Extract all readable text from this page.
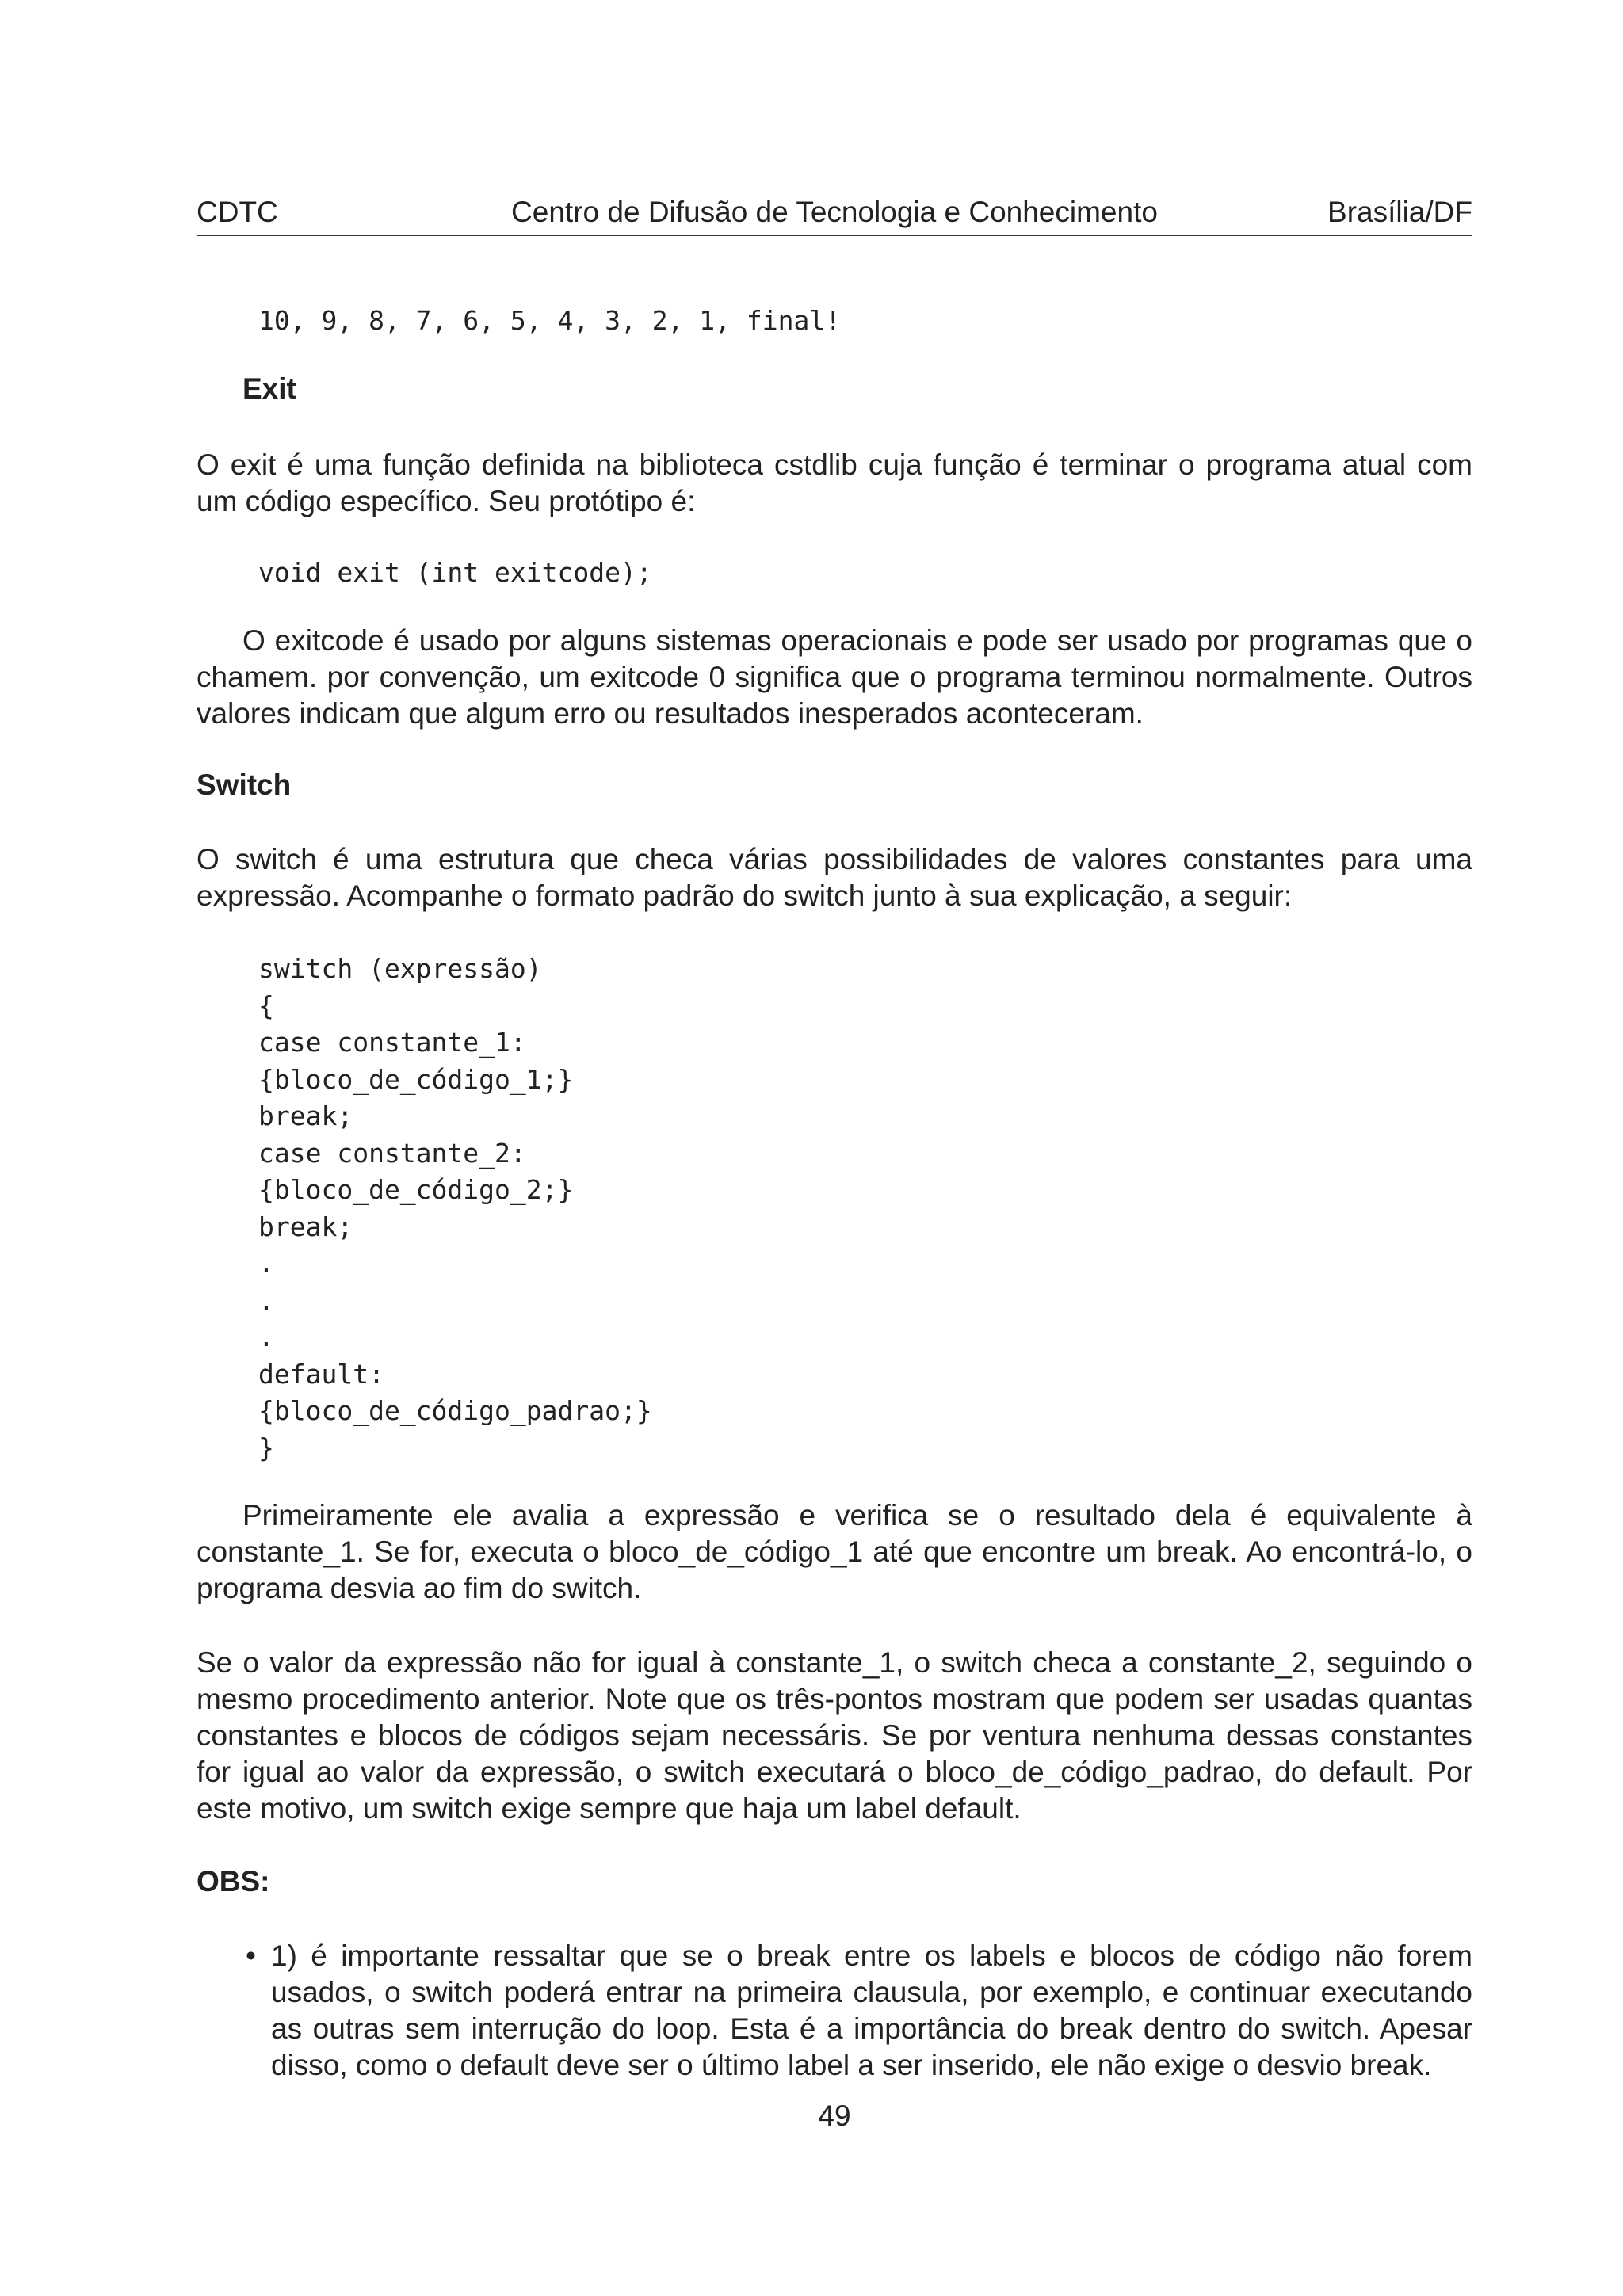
CDTC	Centro de Difusão de Tecnologia e Conhecimento	Brasília/DF
10, 9, 8, 7, 6, 5, 4, 3, 2, 1, final!

Exit

O exit é uma função definida na biblioteca cstdlib cuja função é terminar o programa atual com um código específico. Seu protótipo é:

void exit (int exitcode);

O exitcode é usado por alguns sistemas operacionais e pode ser usado por programas que o chamem. por convenção, um exitcode 0 significa que o programa terminou normalmente. Outros valores indicam que algum erro ou resultados inesperados aconteceram.

Switch

O switch é uma estrutura que checa várias possibilidades de valores constantes para uma expressão. Acompanhe o formato padrão do switch junto à sua explicação, a seguir:

switch (expressão)
{
case constante_1:
{bloco_de_código_1;}
break;
case constante_2:
{bloco_de_código_2;}
break;
.
.
.
default:
{bloco_de_código_padrao;}
}

Primeiramente ele avalia a expressão e verifica se o resultado dela é equivalente à constante_1. Se for, executa o bloco_de_código_1 até que encontre um break. Ao encontrá-lo, o programa desvia ao fim do switch.

Se o valor da expressão não for igual à constante_1, o switch checa a constante_2, seguindo o mesmo procedimento anterior. Note que os três-pontos mostram que podem ser usadas quantas constantes e blocos de códigos sejam necessáris. Se por ventura nenhuma dessas constantes for igual ao valor da expressão, o switch executará o bloco_de_código_padrao, do default. Por este motivo, um switch exige sempre que haja um label default.

OBS:

• 1) é importante ressaltar que se o break entre os labels e blocos de código não forem usados, o switch poderá entrar na primeira clausula, por exemplo, e continuar executando as outras sem interrução do loop. Esta é a importância do break dentro do switch. Apesar disso, como o default deve ser o último label a ser inserido, ele não exige o desvio break.
49
